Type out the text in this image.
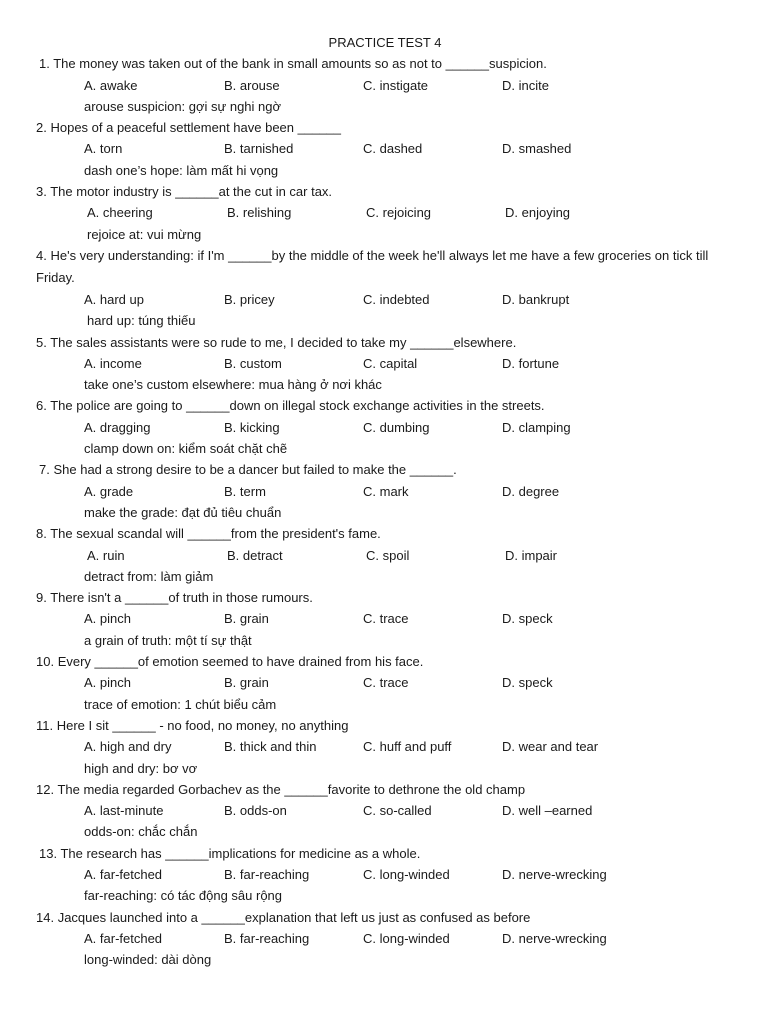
PRACTICE TEST 4
1. The money was taken out of the bank in small amounts so as not to ______suspicion.
A. awake	B. arouse	C. instigate	D. incite
arouse suspicion: gợi sự nghi ngờ
2. Hopes of a peaceful settlement have been ______
A. torn	B. tarnished	C. dashed	D. smashed
dash one’s hope: làm mất hi vọng
3. The motor industry is ______at the cut in car tax.
A. cheering	B. relishing	C. rejoicing	D. enjoying
rejoice at: vui mừng
4. He's very understanding: if I'm ______by the middle of the week he'll always let me have a few groceries on tick till Friday.
A. hard up	B. pricey	C. indebted	D. bankrupt
hard up: túng thiếu
5. The sales assistants were so rude to me, I decided to take my ______elsewhere.
A. income	B. custom	C. capital	D. fortune
take one’s custom elsewhere: mua hàng ở nơi khác
6. The police are going to ______down on illegal stock exchange activities in the streets.
A. dragging	B. kicking	C. dumbing	D. clamping
clamp down on: kiểm soát chặt chẽ
7. She had a strong desire to be a dancer but failed to make the ______.
A. grade	B. term	C. mark	D. degree
make the grade: đạt đủ tiêu chuẩn
8. The sexual scandal will ______from the president's fame.
A. ruin	B. detract	C. spoil	D. impair
detract from: làm giảm
9. There isn't a ______of truth in those rumours.
A. pinch	B. grain	C. trace	D. speck
a grain of truth: một tí sự thật
10. Every ______of emotion seemed to have drained from his face.
A. pinch	B. grain	C. trace	D. speck
trace of emotion: 1 chút biểu cảm
11. Here I sit ______ - no food, no money, no anything
A. high and dry	B. thick and thin	C. huff and puff	D. wear and tear
high and dry: bơ vơ
12. The media regarded Gorbachev as the ______favorite to dethrone the old champ
A. last-minute	B. odds-on	C. so-called	D. well –earned
odds-on: chắc chắn
13. The research has ______implications for medicine as a whole.
A. far-fetched	B. far-reaching	C. long-winded	D. nerve-wrecking
far-reaching: có tác động sâu rộng
14. Jacques launched into a ______explanation that left us just as confused as before
A. far-fetched	B. far-reaching	C. long-winded	D. nerve-wrecking
long-winded: dài dòng
